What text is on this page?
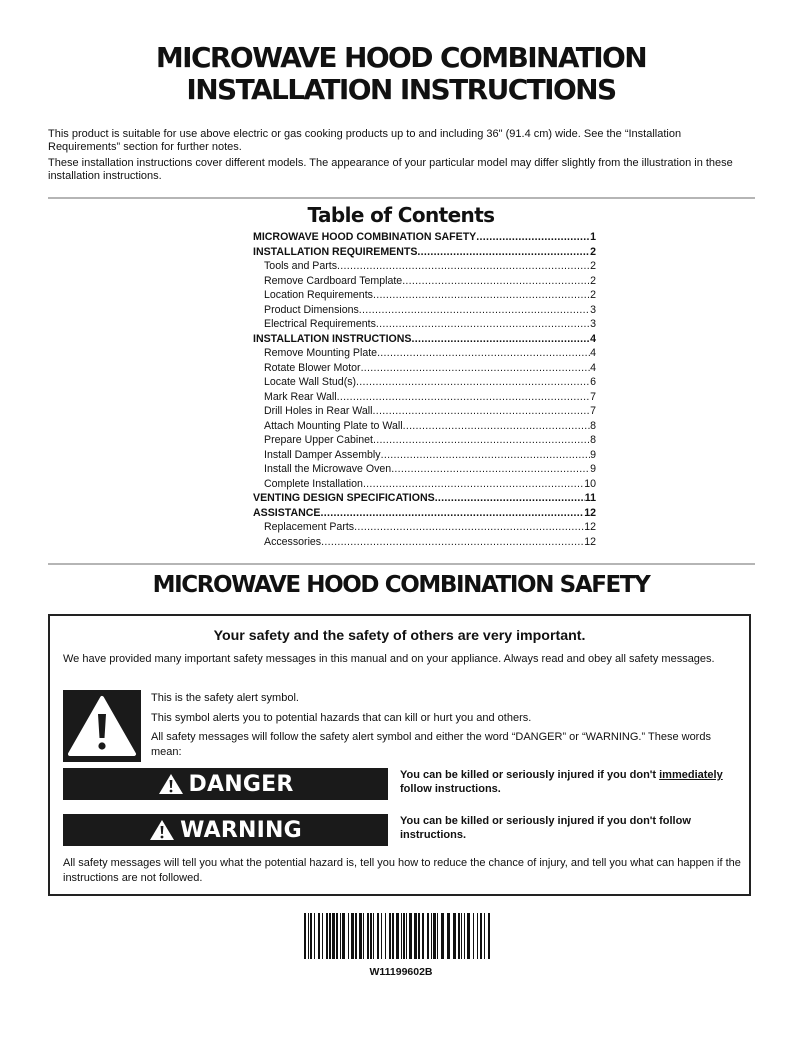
MICROWAVE HOOD COMBINATION
INSTALLATION INSTRUCTIONS
This product is suitable for use above electric or gas cooking products up to and including 36" (91.4 cm) wide. See the “Installation Requirements” section for further notes.
These installation instructions cover different models. The appearance of your particular model may differ slightly from the illustration in these installation instructions.
Table of Contents
MICROWAVE HOOD COMBINATION SAFETY .....	1
INSTALLATION REQUIREMENTS .....	2
Tools and Parts .....	2
Remove Cardboard Template .....	2
Location Requirements .....	2
Product Dimensions .....	3
Electrical Requirements .....	3
INSTALLATION INSTRUCTIONS .....	4
Remove Mounting Plate .....	4
Rotate Blower Motor .....	4
Locate Wall Stud(s) .....	6
Mark Rear Wall .....	7
Drill Holes in Rear Wall .....	7
Attach Mounting Plate to Wall .....	8
Prepare Upper Cabinet .....	8
Install Damper Assembly .....	9
Install the Microwave Oven .....	9
Complete Installation .....	10
VENTING DESIGN SPECIFICATIONS .....	11
ASSISTANCE .....	12
Replacement Parts .....	12
Accessories .....	12
MICROWAVE HOOD COMBINATION SAFETY
Your safety and the safety of others are very important.
We have provided many important safety messages in this manual and on your appliance. Always read and obey all safety messages.
This is the safety alert symbol.
This symbol alerts you to potential hazards that can kill or hurt you and others.
All safety messages will follow the safety alert symbol and either the word “DANGER” or “WARNING.” These words mean:
DANGER	You can be killed or seriously injured if you don't immediately follow instructions.
WARNING	You can be killed or seriously injured if you don't follow instructions.
All safety messages will tell you what the potential hazard is, tell you how to reduce the chance of injury, and tell you what can happen if the instructions are not followed.
W11199602B
